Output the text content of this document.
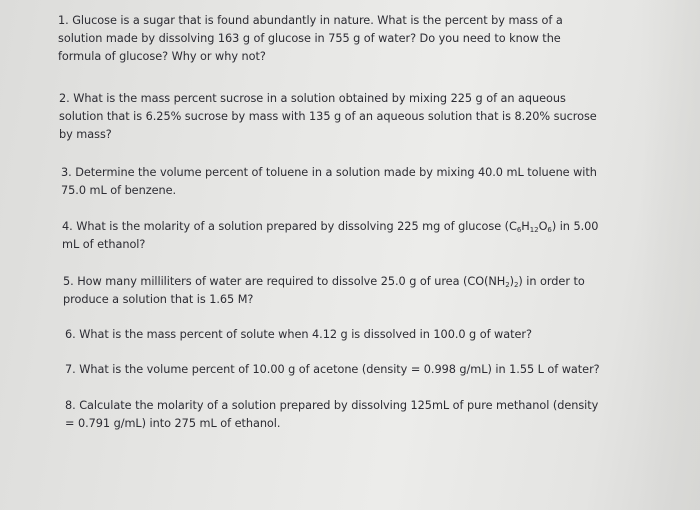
1. Glucose is a sugar that is found abundantly in nature. What is the percent by mass of a
solution made by dissolving 163 g of glucose in 755 g of water? Do you need to know the
formula of glucose? Why or why not?

2. What is the mass percent sucrose in a solution obtained by mixing 225 g of an aqueous
solution that is 6.25% sucrose by mass with 135 g of an aqueous solution that is 8.20% sucrose
by mass?

3. Determine the volume percent of toluene in a solution made by mixing 40.0 mL toluene with
75.0 mL of benzene.

4. What is the molarity of a solution prepared by dissolving 225 mg of glucose $(C_6H_{12}O_6)$ in 5.00
mL of ethanol?

5. How many milliliters of water are required to dissolve 25.0 g of urea $(CO(NH_2)_2)$ in order to
produce a solution that is 1.65 M?

6. What is the mass percent of solute when 4.12 g is dissolved in 100.0 g of water?

7. What is the volume percent of 10.00 g of acetone (density = 0.998 g/mL) in 1.55 L of water?

8. Calculate the molarity of a solution prepared by dissolving 125mL of pure methanol (density
= 0.791 g/mL) into 275 mL of ethanol.
